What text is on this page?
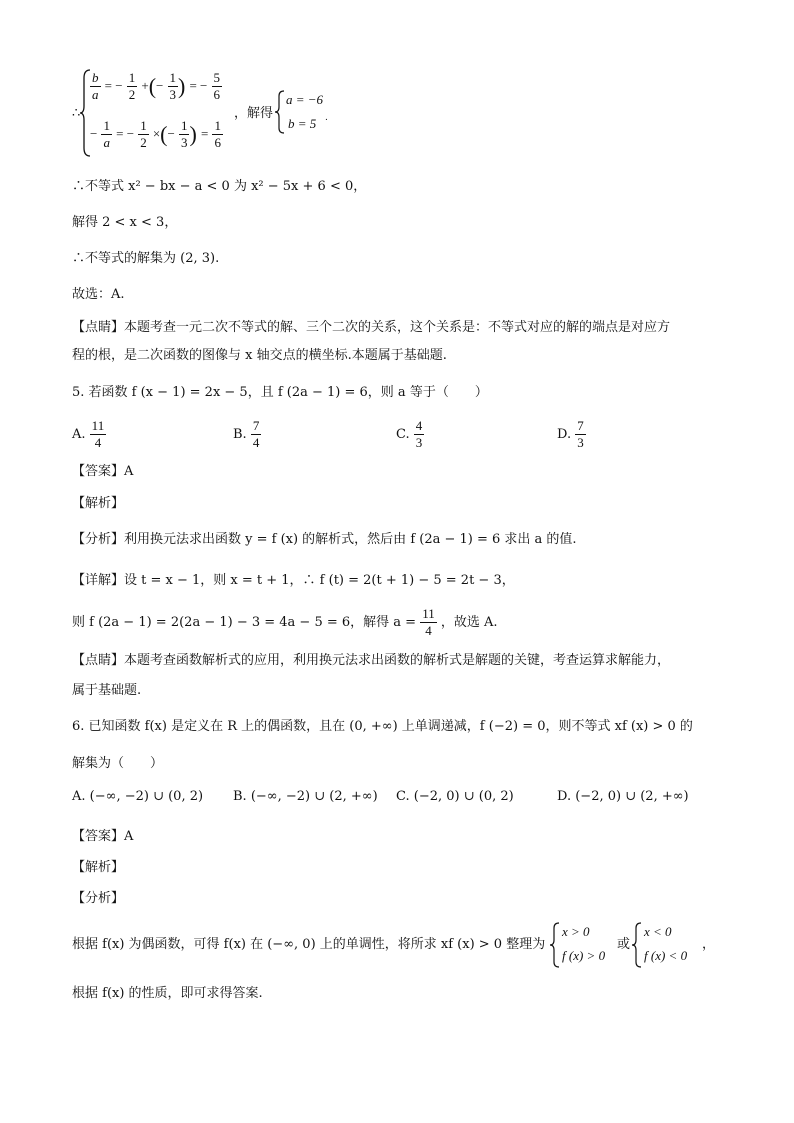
∴
$\frac{b}{a}$ = − $\frac{1}{2}$ +(− $\frac{1}{3}$ ) = − $\frac{5}{6}$
− $\frac{1}{a}$ = − $\frac{1}{2}$ ×(− $\frac{1}{3}$ ) = $\frac{1}{6}$
，解得
a = −6
b = 5 .
∴不等式 x² − bx − a < 0 为 x² − 5x + 6 < 0，
解得 2 < x < 3，
∴不等式的解集为 (2, 3).
故选：A.
【点睛】本题考查一元二次不等式的解、三个二次的关系，这个关系是：不等式对应的解的端点是对应方
程的根，是二次函数的图像与 x 轴交点的横坐标.本题属于基础题.
5. 若函数 f (x − 1) = 2x − 5，且 f (2a − 1) = 6，则 a 等于（　　）
A. $\frac{11}{4}$	B. $\frac{7}{4}$	C. $\frac{4}{3}$	D. $\frac{7}{3}$
【答案】A
【解析】
【分析】利用换元法求出函数 y = f (x) 的解析式，然后由 f (2a − 1) = 6 求出 a 的值.
【详解】设 t = x − 1，则 x = t + 1，∴ f (t) = 2(t + 1) − 5 = 2t − 3，
则 f (2a − 1) = 2(2a − 1) − 3 = 4a − 5 = 6，解得 $a = \frac{11}{4}$ ，故选 A.
【点睛】本题考查函数解析式的应用，利用换元法求出函数的解析式是解题的关键，考查运算求解能力，
属于基础题.
6. 已知函数 f(x) 是定义在 R 上的偶函数，且在 (0, +∞) 上单调递减，f (−2) = 0，则不等式 xf (x) > 0 的
解集为（　　）
A. (−∞, −2) ∪ (0, 2) B. (−∞, −2) ∪ (2, +∞) C. (−2, 0) ∪ (0, 2)	D. (−2, 0) ∪ (2, +∞)
【答案】A
【解析】
【分析】
根据 f(x) 为偶函数，可得 f(x) 在 (−∞, 0) 上的单调性，将所求 xf (x) > 0 整理为
x > 0
f (x) > 0
或
x < 0
f (x) < 0
，
根据 f(x) 的性质，即可求得答案.
